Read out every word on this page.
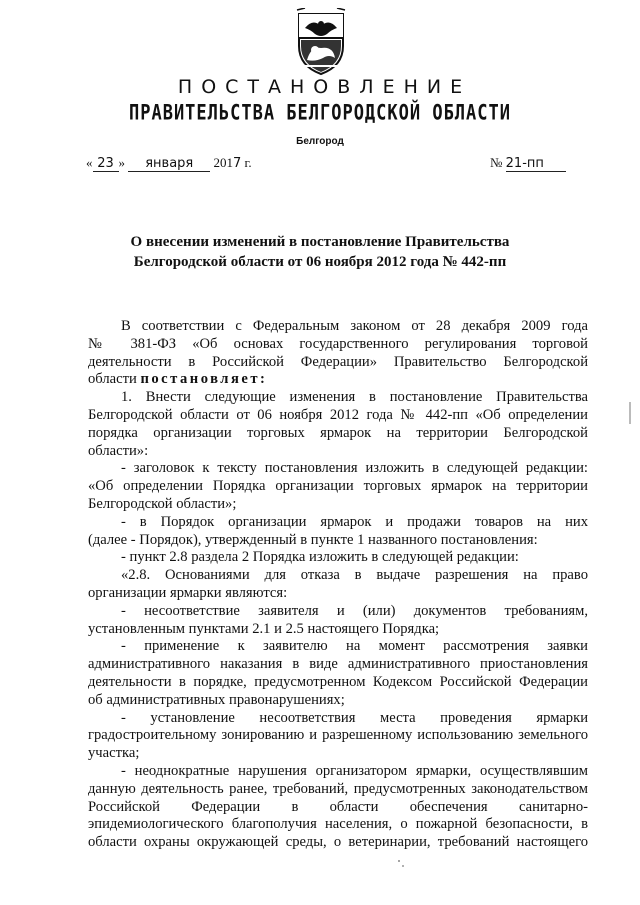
ПОСТАНОВЛЕНИЕ
ПРАВИТЕЛЬСТВА БЕЛГОРОДСКОЙ ОБЛАСТИ
Белгород
« 23 » января 2017 г.	№ 21-пп
О внесении изменений в постановление Правительства
Белгородской области от 06 ноября 2012 года № 442-пп

В соответствии с Федеральным законом от 28 декабря 2009 года

№ 381-ФЗ «Об основах государственного регулирования торговой

деятельности в Российской Федерации» Правительство Белгородской

области постановляет:

1. Внести следующие изменения в постановление Правительства

Белгородской области от 06 ноября 2012 года № 442-пп «Об определении

порядка организации торговых ярмарок на территории Белгородской

области»:

- заголовок к тексту постановления изложить в следующей редакции:

«Об определении Порядка организации торговых ярмарок на территории

Белгородской области»;

- в Порядок организации ярмарок и продажи товаров на них

(далее - Порядок), утвержденный в пункте 1 названного постановления:

- пункт 2.8 раздела 2 Порядка изложить в следующей редакции:

«2.8. Основаниями для отказа в выдаче разрешения на право

организации ярмарки являются:

- несоответствие заявителя и (или) документов требованиям,

установленным пунктами 2.1 и 2.5 настоящего Порядка;

- применение к заявителю на момент рассмотрения заявки

административного наказания в виде административного приостановления

деятельности в порядке, предусмотренном Кодексом Российской Федерации

об административных правонарушениях;

- установление несоответствия места проведения ярмарки

градостроительному зонированию и разрешенному использованию земельного

участка;

- неоднократные нарушения организатором ярмарки, осуществлявшим

данную деятельность ранее, требований, предусмотренных законодательством

Российской Федерации в области обеспечения санитарно-

эпидемиологического благополучия населения, о пожарной безопасности, в

области охраны окружающей среды, о ветеринарии, требований настоящего
